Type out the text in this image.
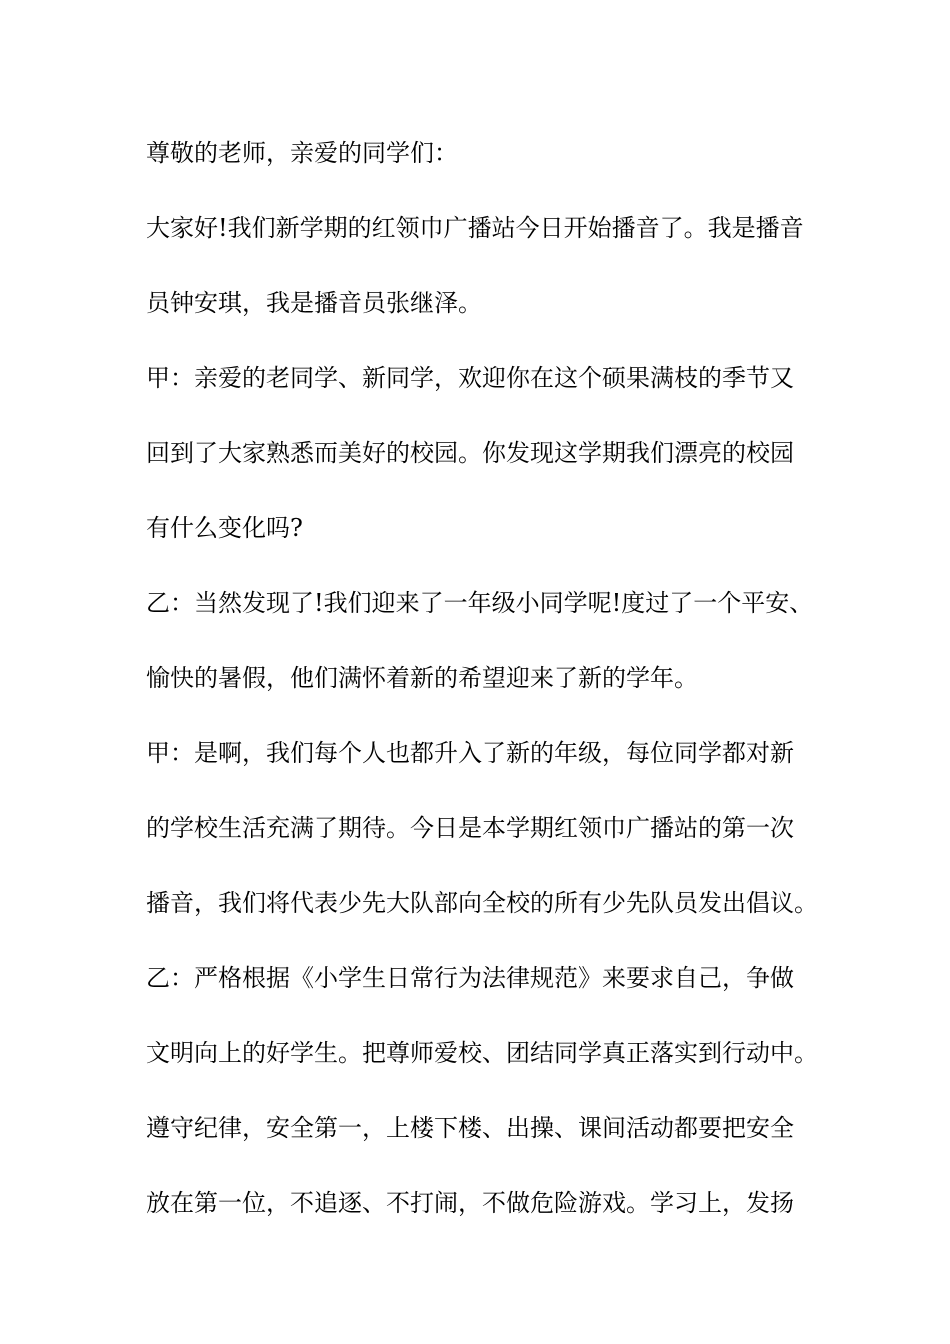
尊敬的老师，亲爱的同学们：

大家好!我们新学期的红领巾广播站今日开始播音了。我是播音

员钟安琪，我是播音员张继泽。

甲：亲爱的老同学、新同学，欢迎你在这个硕果满枝的季节又

回到了大家熟悉而美好的校园。你发现这学期我们漂亮的校园

有什么变化吗?

乙：当然发现了!我们迎来了一年级小同学呢!度过了一个平安、

愉快的暑假，他们满怀着新的希望迎来了新的学年。

甲：是啊，我们每个人也都升入了新的年级，每位同学都对新

的学校生活充满了期待。今日是本学期红领巾广播站的第一次

播音，我们将代表少先大队部向全校的所有少先队员发出倡议。

乙：严格根据《小学生日常行为法律规范》来要求自己，争做

文明向上的好学生。把尊师爱校、团结同学真正落实到行动中。

遵守纪律，安全第一，上楼下楼、出操、课间活动都要把安全

放在第一位，不追逐、不打闹，不做危险游戏。学习上，发扬
